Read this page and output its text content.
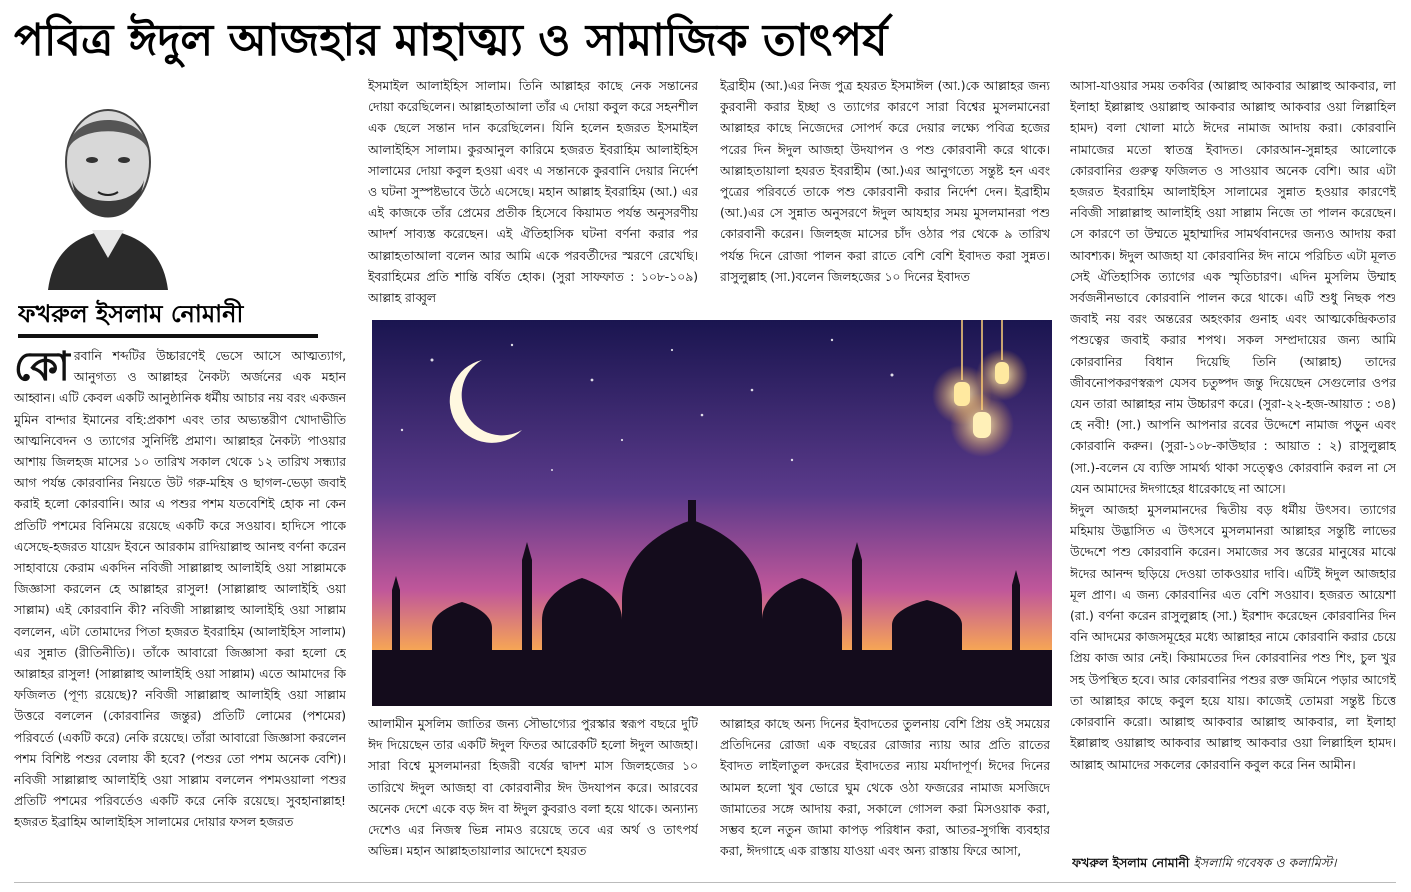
পবিত্র ঈদুল আজহার মাহাত্ম্য ও সামাজিক তাৎপর্য
ফখরুল ইসলাম নোমানী
কো রবানি শব্দটির উচ্চারণেই ভেসে আসে আত্মত্যাগ, আনুগত্য ও আল্লাহর নৈকট্য অর্জনের এক মহান আহ্বান। এটি কেবল একটি আনুষ্ঠানিক ধর্মীয় আচার নয় বরং একজন মুমিন বান্দার ইমানের বহি:প্রকাশ এবং তার অভ্যন্তরীণ খোদাভীতি আত্মনিবেদন ও ত্যাগের সুনির্দিষ্ট প্রমাণ। আল্লাহর নৈকট্য পাওয়ার আশায় জিলহজ মাসের ১০ তারিখ সকাল থেকে ১২ তারিখ সন্ধ্যার আগ পর্যন্ত কোরবানির নিয়তে উট গরু-মহিষ ও ছাগল-ভেড়া জবাই করাই হলো কোরবানি। আর এ পশুর পশম যতবেশিই হোক না কেন প্রতিটি পশমের বিনিময়ে রয়েছে একটি করে সওয়াব। হাদিসে পাকে এসেছে-হজরত যায়েদ ইবনে আরকাম রাদিয়াল্লাহু আনহু বর্ণনা করেন সাহাবায়ে কেরাম একদিন নবিজী সাল্লাল্লাহু আলাইহি ওয়া সাল্লামকে জিজ্ঞাসা করলেন হে আল্লাহর রাসুল! (সাল্লাল্লাহু আলাইহি ওয়া সাল্লাম) এই কোরবানি কী? নবিজী সাল্লাল্লাহু আলাইহি ওয়া সাল্লাম বললেন, এটা তোমাদের পিতা হজরত ইবরাহিম (আলাইহিস সালাম) এর সুন্নাত (রীতিনীতি)। তাঁকে আবারো জিজ্ঞাসা করা হলো হে আল্লাহর রাসুল! (সাল্লাল্লাহু আলাইহি ওয়া সাল্লাম) এতে আমাদের কি ফজিলত (পূণ্য রয়েছে)? নবিজী সাল্লাল্লাহু আলাইহি ওয়া সাল্লাম উত্তরে বললেন (কোরবানির জন্তুর) প্রতিটি লোমের (পশমের) পরিবর্তে (একটি করে) নেকি রয়েছে। তাঁরা আবারো জিজ্ঞাসা করলেন পশম বিশিষ্ট পশুর বেলায় কী হবে? (পশুর তো পশম অনেক বেশি)। নবিজী সাল্লাল্লাহু আলাইহি ওয়া সাল্লাম বললেন পশমওয়ালা পশুর প্রতিটি পশমের পরিবর্তেও একটি করে নেকি রয়েছে। সুবহানাল্লাহ! হজরত ইব্রাহিম আলাইহিস সালামের দোয়ার ফসল হজরত

ইসমাইল আলাইহিস সালাম। তিনি আল্লাহর কাছে নেক সন্তানের দোয়া করেছিলেন। আল্লাহতাআলা তাঁর এ দোয়া কবুল করে সহনশীল এক ছেলে সন্তান দান করেছিলেন। যিনি হলেন হজরত ইসমাইল আলাইহিস সালাম। কুরআনুল কারিমে হজরত ইবরাহিম আলাইহিস সালামের দোয়া কবুল হওয়া এবং এ সন্তানকে কুরবানি দেয়ার নির্দেশ ও ঘটনা সুস্পষ্টভাবে উঠে এসেছে। মহান আল্লাহ ইবরাহিম (আ.) এর এই কাজকে তাঁর প্রেমের প্রতীক হিসেবে কিয়ামত পর্যন্ত অনুসরণীয় আদর্শ সাব্যস্ত করেছেন। এই ঐতিহাসিক ঘটনা বর্ণনা করার পর আল্লাহতাআলা বলেন আর আমি একে পরবর্তীদের স্মরণে রেখেছি। ইবরাহিমের প্রতি শান্তি বর্ষিত হোক। (সুরা সাফফাত : ১০৮-১০৯) আল্লাহ রাব্বুল

ইব্রাহীম (আ.)এর নিজ পুত্র হযরত ইসমাঈল (আ.)কে আল্লাহর জন্য কুরবানী করার ইচ্ছা ও ত্যাগের কারণে সারা বিশ্বের মুসলমানেরা আল্লাহর কাছে নিজেদের সোপর্দ করে দেয়ার লক্ষ্যে পবিত্র হজের পরের দিন ঈদুল আজহা উদযাপন ও পশু কোরবানী করে থাকে। আল্লাহতায়ালা হযরত ইবরাহীম (আ.)এর আনুগত্যে সন্তুষ্ট হন এবং পুত্রের পরিবর্তে তাকে পশু কোরবানী করার নির্দেশ দেন। ইব্রাহীম (আ.)এর সে সুন্নাত অনুসরণে ঈদুল আযহার সময় মুসলমানরা পশু কোরবানী করেন। জিলহজ মাসের চাঁদ ওঠার পর থেকে ৯ তারিখ পর্যন্ত দিনে রোজা পালন করা রাতে বেশি বেশি ইবাদত করা সুন্নত। রাসুলুল্লাহ (সা.)বলেন জিলহজের ১০ দিনের ইবাদত

আলামীন মুসলিম জাতির জন্য সৌভাগ্যের পুরস্কার স্বরূপ বছরে দুটি ঈদ দিয়েছেন তার একটি ঈদুল ফিতর আরেকটি হলো ঈদুল আজহা। সারা বিশ্বে মুসলমানরা হিজরী বর্ষের দ্বাদশ মাস জিলহজের ১০ তারিখে ঈদুল আজহা বা কোরবানীর ঈদ উদযাপন করে। আরবের অনেক দেশে একে বড় ঈদ বা ঈদুল কুবরাও বলা হয়ে থাকে। অন্যান্য দেশেও এর নিজস্ব ভিন্ন নামও রয়েছে তবে এর অর্থ ও তাৎপর্য অভিন্ন। মহান আল্লাহতায়ালার আদেশে হযরত

আল্লাহর কাছে অন্য দিনের ইবাদতের তুলনায় বেশি প্রিয় ওই সময়ের প্রতিদিনের রোজা এক বছরের রোজার ন্যায় আর প্রতি রাতের ইবাদত লাইলাতুল কদরের ইবাদতের ন্যায় মর্যাদাপূর্ণ। ঈদের দিনের আমল হলো খুব ভোরে ঘুম থেকে ওঠা ফজরের নামাজ মসজিদে জামাতের সঙ্গে আদায় করা, সকালে গোসল করা মিসওয়াক করা, সম্ভব হলে নতুন জামা কাপড় পরিধান করা, আতর-সুগন্ধি ব্যবহার করা, ঈদগাহে এক রাস্তায় যাওয়া এবং অন্য রাস্তায় ফিরে আসা,

আসা-যাওয়ার সময় তকবির (আল্লাহু আকবার আল্লাহু আকবার, লা ইলাহা ইল্লাল্লাহু ওয়াল্লাহু আকবার আল্লাহু আকবার ওয়া লিল্লাহিল হামদ) বলা খোলা মাঠে ঈদের নামাজ আদায় করা। কোরবানি নামাজের মতো স্বাতন্ত্র ইবাদত। কোরআন-সুন্নাহর আলোকে কোরবানির গুরুত্ব ফজিলত ও সাওয়াব অনেক বেশি। আর এটা হজরত ইবরাহিম আলাইহিস সালামের সুন্নাত হওয়ার কারণেই নবিজী সাল্লাল্লাহু আলাইহি ওয়া সাল্লাম নিজে তা পালন করেছেন। সে কারণে তা উম্মতে মুহাম্মাদির সামর্থবানদের জন্যও আদায় করা আবশ্যক। ঈদুল আজহা যা কোরবানির ঈদ নামে পরিচিত এটা মূলত সেই ঐতিহাসিক ত্যাগের এক স্মৃতিচারণ। এদিন মুসলিম উম্মাহ সর্বজনীনভাবে কোরবানি পালন করে থাকে। এটি শুধু নিছক পশু জবাই নয় বরং অন্তরের অহংকার গুনাহ এবং আত্মকেন্দ্রিকতার পশুত্বের জবাই করার শপথ। সকল সম্প্রদায়ের জন্য আমি কোরবানির বিধান দিয়েছি তিনি (আল্লাহ) তাদের জীবনোপকরণস্বরূপ যেসব চতুষ্পদ জন্তু দিয়েছেন সেগুলোর ওপর যেন তারা আল্লাহর নাম উচ্চারণ করে। (সুরা-২২-হজ-আয়াত : ৩৪) হে নবী! (সা.) আপনি আপনার রবের উদ্দেশে নামাজ পড়ুন এবং কোরবানি করুন। (সুরা-১০৮-কাউছার : আয়াত : ২) রাসুলুল্লাহ (সা.)-বলেন যে ব্যক্তি সামর্থ্য থাকা সত্ত্বেও কোরবানি করল না সে যেন আমাদের ঈদগাহের ধারেকাছে না আসে।

ঈদুল আজহা মুসলমানদের দ্বিতীয় বড় ধর্মীয় উৎসব। ত্যাগের মহিমায় উদ্ভাসিত এ উৎসবে মুসলমানরা আল্লাহর সন্তুষ্টি লাভের উদ্দেশে পশু কোরবানি করেন। সমাজের সব স্তরের মানুষের মাঝে ঈদের আনন্দ ছড়িয়ে দেওয়া তাকওয়ার দাবি। এটিই ঈদুল আজহার মূল প্রাণ। এ জন্য কোরবানির এত বেশি সওয়াব। হজরত আয়েশা (রা.) বর্ণনা করেন রাসুলুল্লাহ (সা.) ইরশাদ করেছেন কোরবানির দিন বনি আদমের কাজসমূহের মধ্যে আল্লাহর নামে কোরবানি করার চেয়ে প্রিয় কাজ আর নেই। কিয়ামতের দিন কোরবানির পশু শিং, চুল খুর সহ উপস্থিত হবে। আর কোরবানির পশুর রক্ত জমিনে পড়ার আগেই তা আল্লাহর কাছে কবুল হয়ে যায়। কাজেই তোমরা সন্তুষ্ট চিত্তে কোরবানি করো। আল্লাহু আকবার আল্লাহু আকবার, লা ইলাহা ইল্লাল্লাহু ওয়াল্লাহু আকবার আল্লাহু আকবার ওয়া লিল্লাহিল হামদ। আল্লাহ আমাদের সকলের কোরবানি কবুল করে নিন আমীন।

ফখরুল ইসলাম নোমানী ইসলামি গবেষক ও কলামিস্ট।
